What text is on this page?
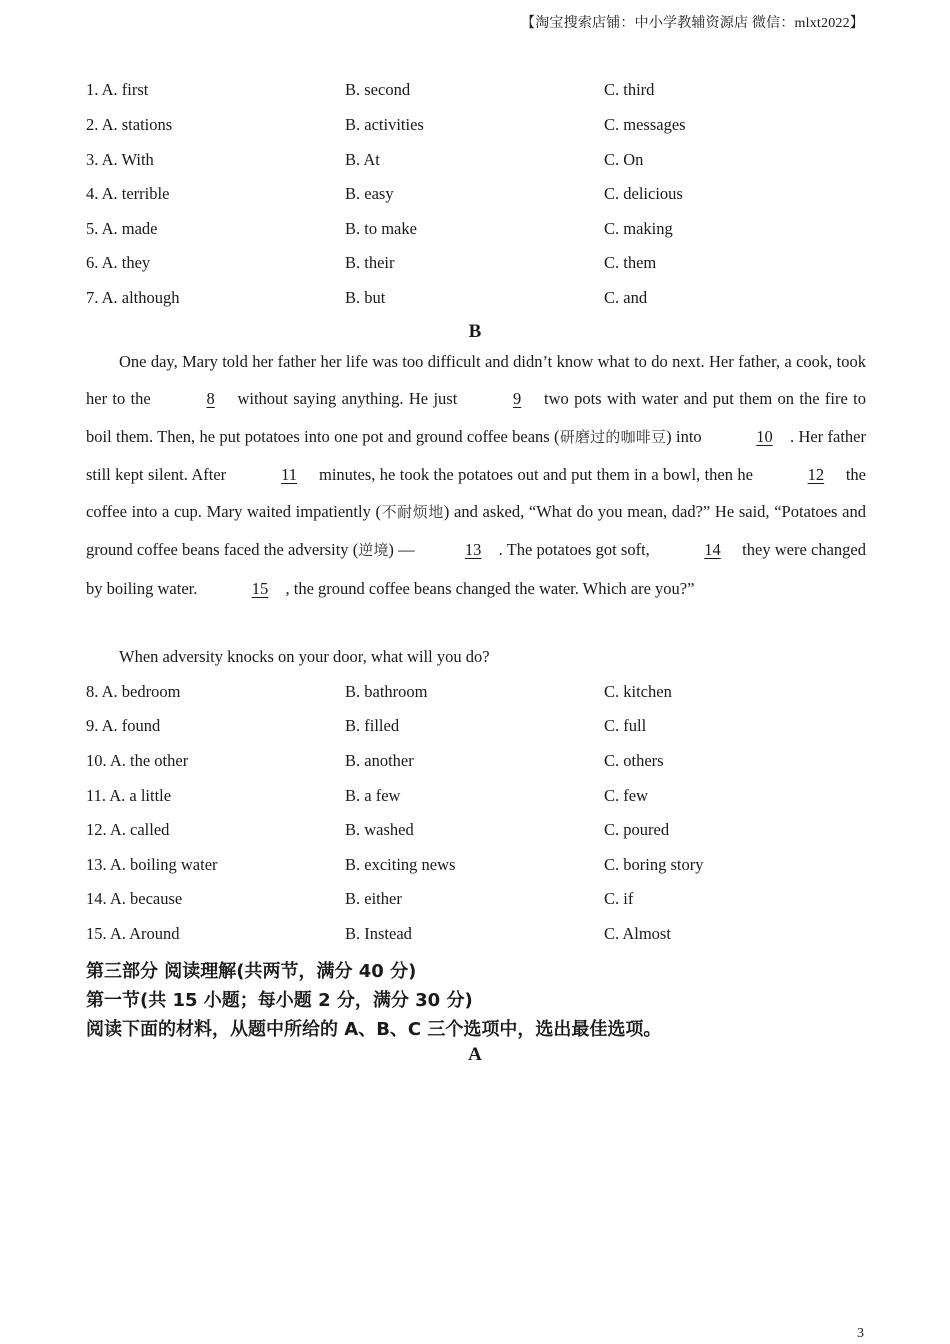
【淘宝搜索店铺：中小学教辅资源店 微信：mlxt2022】
1. A. first	B. second	C. third
2. A. stations	B. activities	C. messages
3. A. With	B. At	C. On
4. A. terrible	B. easy	C. delicious
5. A. made	B. to make	C. making
6. A. they	B. their	C. them
7. A. although	B. but	C. and
B

One day, Mary told her father her life was too difficult and didn’t know what to do next. Her father, a cook, took her to the	8 without saying anything. He just	9 two pots with water and put them on the fire to boil them. Then, he put potatoes into one pot and ground coffee beans (研磨过的咖啡豆) into	10 . Her father still kept silent. After	11 minutes, he took the potatoes out and put them in a bowl, then he	12 the coffee into a cup. Mary waited impatiently (不耐烦地) and asked, “What do you mean, dad?” He said, “Potatoes and ground coffee beans faced the adversity (逆境) —	13 . The potatoes got soft,	14 they were changed by boiling water.	15 , the ground coffee beans changed the water. Which are you?”

When adversity knocks on your door, what will you do?

8. A. bedroom	B. bathroom	C. kitchen
9. A. found	B. filled	C. full
10. A. the other	B. another	C. others
11. A. a little	B. a few	C. few
12. A. called	B. washed	C. poured
13. A. boiling water	B. exciting news	C. boring story
14. A. because	B. either	C. if
15. A. Around	B. Instead	C. Almost
第三部分 阅读理解(共两节，满分 40 分)
第一节(共 15 小题；每小题 2 分，满分 30 分)
阅读下面的材料，从题中所给的 A、B、C 三个选项中，选出最佳选项。
A
3
